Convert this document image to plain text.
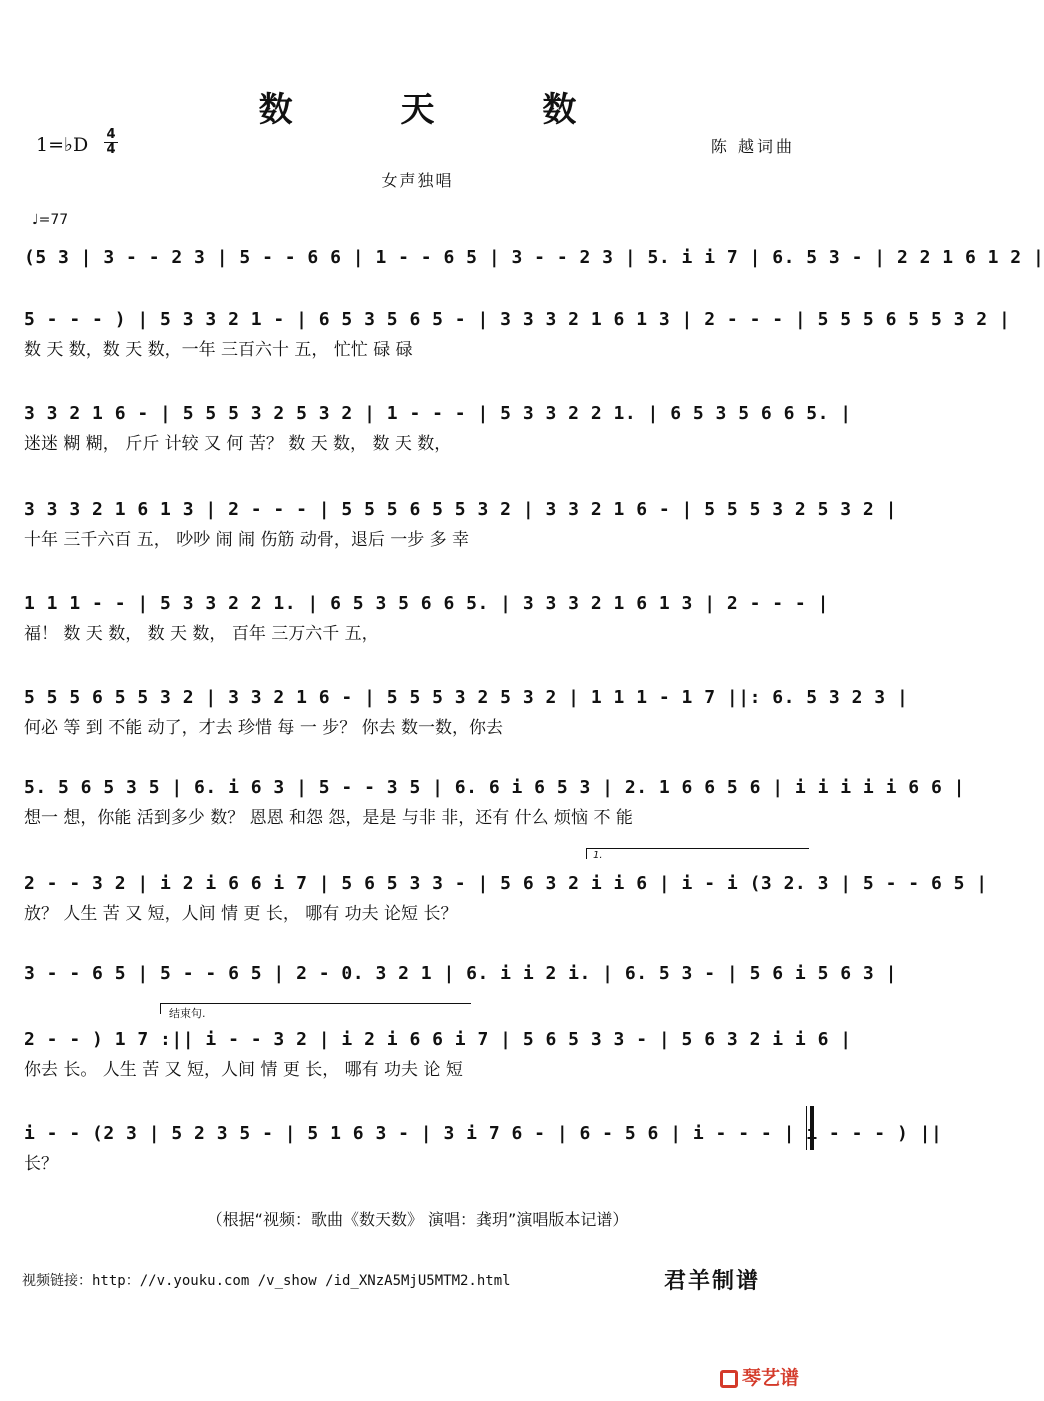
数 天 数
1=♭D 4
4	陈 越词曲
女声独唱
♩=77
(5 3 | 3 - - 2 3 | 5 - - 6 6 | 1 - - 6 5 | 3 - - 2 3 | 5. i i 7 | 6. 5 3 - | 2 2 1 6 1 2 |
5 - - - ) | 5 3 3 2 1 - | 6 5 3 5 6 5 - | 3 3 3 2 1 6 1 3 | 2 - - - | 5 5 5 6 5 5 3 2 |
数 天 数，数 天 数，一年 三百六十 五， 忙忙 碌 碌
3 3 2 1 6 - | 5 5 5 3 2 5 3 2 | 1 - - - | 5 3 3 2 2 1. | 6 5 3 5 6 6 5. |
迷迷 糊 糊， 斤斤 计较 又 何 苦？ 数 天 数， 数 天 数，
3 3 3 2 1 6 1 3 | 2 - - - | 5 5 5 6 5 5 3 2 | 3 3 2 1 6 - | 5 5 5 3 2 5 3 2 |
十年 三千六百 五， 吵吵 闹 闹 伤筋 动骨，退后 一步 多 幸
1 1 1 - - | 5 3 3 2 2 1. | 6 5 3 5 6 6 5. | 3 3 3 2 1 6 1 3 | 2 - - - |
福！ 数 天 数， 数 天 数， 百年 三万六千 五，
5 5 5 6 5 5 3 2 | 3 3 2 1 6 - | 5 5 5 3 2 5 3 2 | 1 1 1 - 1 7 ||: 6. 5 3 2 3 |
何必 等 到 不能 动了，才去 珍惜 每 一 步？ 你去 数一数，你去
5. 5 6 5 3 5 | 6. i 6 3 | 5 - - 3 5 | 6. 6 i 6 5 3 | 2. 1 6 6 5 6 | i i i i i 6 6 |
想一 想，你能 活到多少 数？ 恩恩 和怨 怨，是是 与非 非，还有 什么 烦恼 不 能
1.
2 - - 3 2 | i 2 i 6 6 i 7 | 5 6 5 3 3 - | 5 6 3 2 i i 6 | i - i (3 2. 3 | 5 - - 6 5 |
放？ 人生 苦 又 短，人间 情 更 长， 哪有 功夫 论短 长？
3 - - 6 5 | 5 - - 6 5 | 2 - 0. 3 2 1 | 6. i i 2 i. | 6. 5 3 - | 5 6 i 5 6 3 |
结束句.
2 - - ) 1 7 :|| i - - 3 2 | i 2 i 6 6 i 7 | 5 6 5 3 3 - | 5 6 3 2 i i 6 |
你去 长。 人生 苦 又 短，人间 情 更 长， 哪有 功夫 论 短
i - - (2 3 | 5 2 3 5 - | 5 1 6 3 - | 3 i 7 6 - | 6 - 5 6 | i - - - | i - - - ) ||
长？
（根据“视频：歌曲《数天数》 演唱：龚玥”演唱版本记谱）
视频链接：http：//v.youku.com /v_show /id_XNzA5MjU5MTM2.html	君羊制谱
琴艺谱
